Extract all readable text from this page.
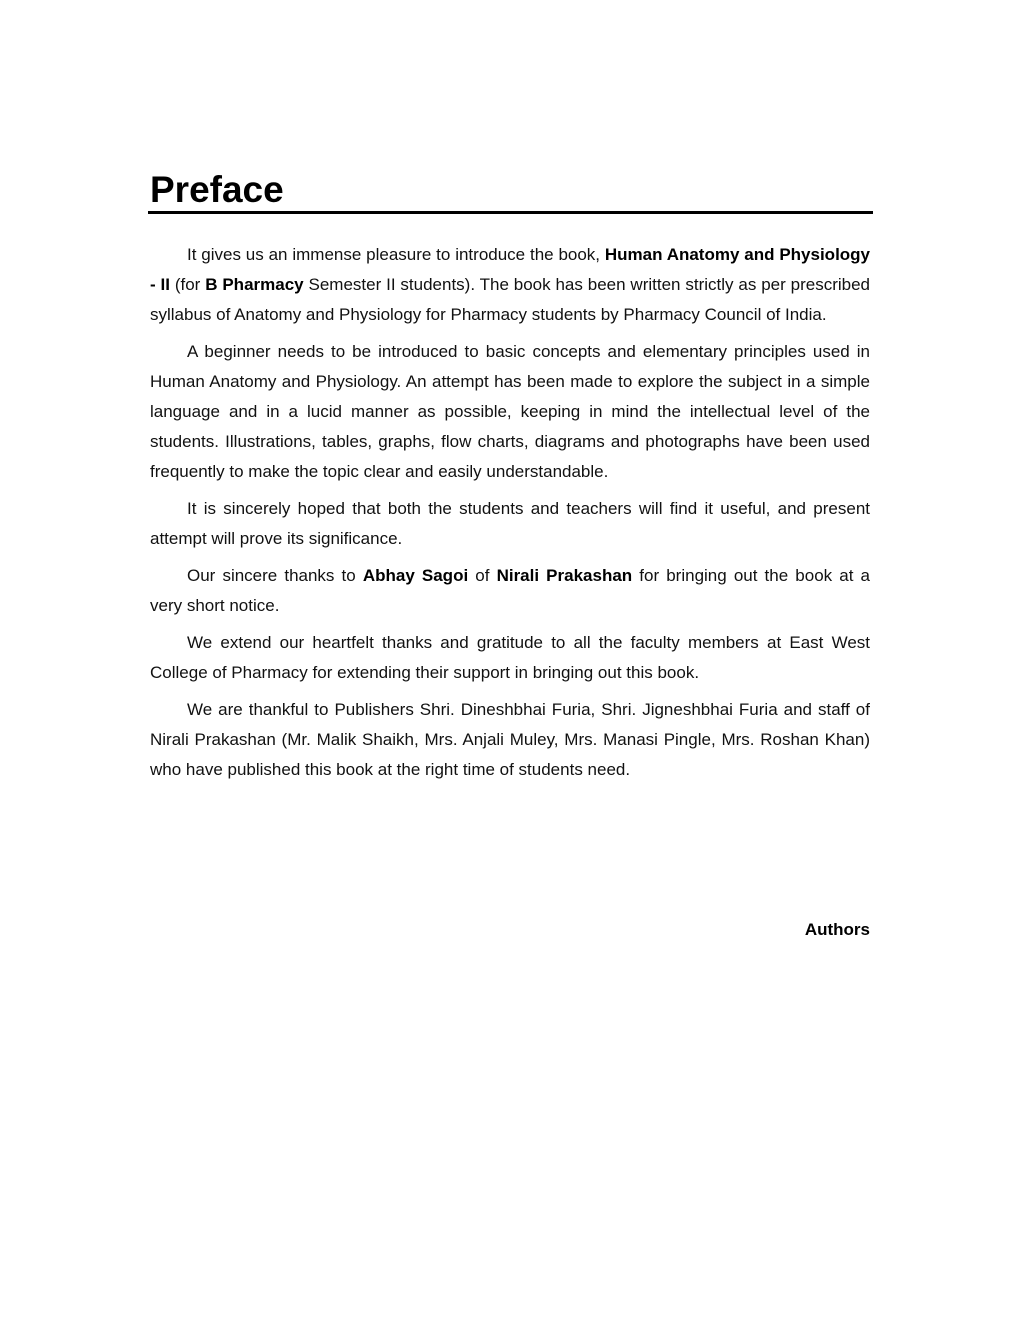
Preface

It gives us an immense pleasure to introduce the book, Human Anatomy and Physiology - II (for B Pharmacy Semester II students). The book has been written strictly as per prescribed syllabus of Anatomy and Physiology for Pharmacy students by Pharmacy Council of India.

A beginner needs to be introduced to basic concepts and elementary principles used in Human Anatomy and Physiology. An attempt has been made to explore the subject in a simple language and in a lucid manner as possible, keeping in mind the intellectual level of the students. Illustrations, tables, graphs, flow charts, diagrams and photographs have been used frequently to make the topic clear and easily understandable.

It is sincerely hoped that both the students and teachers will find it useful, and present attempt will prove its significance.

Our sincere thanks to Abhay Sagoi of Nirali Prakashan for bringing out the book at a very short notice.

We extend our heartfelt thanks and gratitude to all the faculty members at East West College of Pharmacy for extending their support in bringing out this book.

We are thankful to Publishers Shri. Dineshbhai Furia, Shri. Jigneshbhai Furia and staff of Nirali Prakashan (Mr. Malik Shaikh, Mrs. Anjali Muley, Mrs. Manasi Pingle, Mrs. Roshan Khan) who have published this book at the right time of students need.

Authors
